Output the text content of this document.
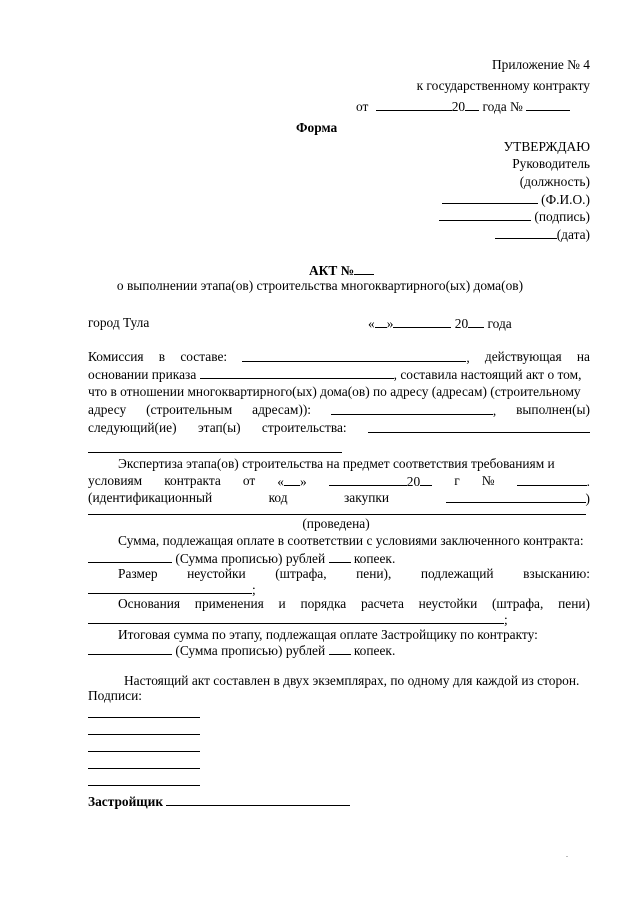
Приложение № 4
к государственному контракту
от	20 года №
Форма
УТВЕРЖДАЮ
Руководитель
(должность)
(Ф.И.О.)
(подпись)
(дата)
АКТ №
о выполнении этапа(ов) строительства многоквартирного(ых) дома(ов)
город Тула	« »	20 года
Комиссия в составе:	, действующая на
основании приказа	, составила настоящий акт о том,
что в отношении многоквартирного(ых) дома(ов) по адресу (адресам) (строительному
адресу (строительным адресам)):	, выполнен(ы)
следующий(ие) этап(ы) строительства:
Экспертиза этапа(ов) строительства на предмет соответствия требованиям и
условиям контракта от « »	20	г №	.
(идентификационный	код	закупки	)
(проведена)
Сумма, подлежащая оплате в соответствии с условиями заключенного контракта:
(Сумма прописью) рублей копеек.
Размер неустойки (штрафа, пени), подлежащий взысканию:
;
Основания применения и порядка расчета неустойки (штрафа, пени)
;
Итоговая сумма по этапу, подлежащая оплате Застройщику по контракту:
(Сумма прописью) рублей копеек.
Настоящий акт составлен в двух экземплярах, по одному для каждой из сторон.
Подписи:
Застройщик
